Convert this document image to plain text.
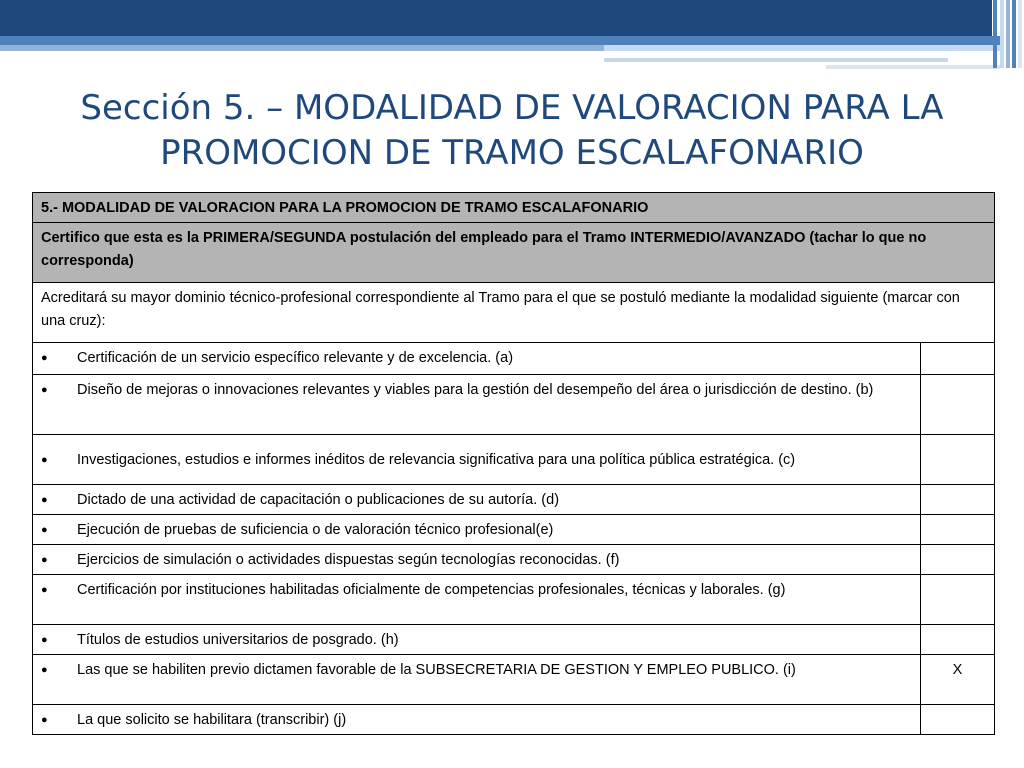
Sección 5. – MODALIDAD DE VALORACION PARA LA
PROMOCION DE TRAMO ESCALAFONARIO
5.- MODALIDAD DE VALORACION PARA LA PROMOCION DE TRAMO ESCALAFONARIO	
Certifico que esta es la PRIMERA/SEGUNDA postulación del empleado para el Tramo INTERMEDIO/AVANZADO (tachar lo que no corresponda)	
Acreditará su mayor dominio técnico-profesional correspondiente al Tramo para el que se postuló mediante la modalidad siguiente (marcar con una cruz):	

● Certificación de un servicio específico relevante y de excelencia. (a)	

● Diseño de mejoras o innovaciones relevantes y viables para la gestión del desempeño del área o jurisdicción de destino. (b)	

● Investigaciones, estudios e informes inéditos de relevancia significativa para una política pública estratégica. (c)	

● Dictado de una actividad de capacitación o publicaciones de su autoría. (d)	

● Ejecución de pruebas de suficiencia o de valoración técnico profesional(e)	

● Ejercicios de simulación o actividades dispuestas según tecnologías reconocidas. (f)	

● Certificación por instituciones habilitadas oficialmente de competencias profesionales, técnicas y laborales. (g)	

● Títulos de estudios universitarios de posgrado. (h)	

● Las que se habiliten previo dictamen favorable de la SUBSECRETARIA DE GESTION Y EMPLEO PUBLICO. (i)	X

● La que solicito se habilitara (transcribir) (j)	
